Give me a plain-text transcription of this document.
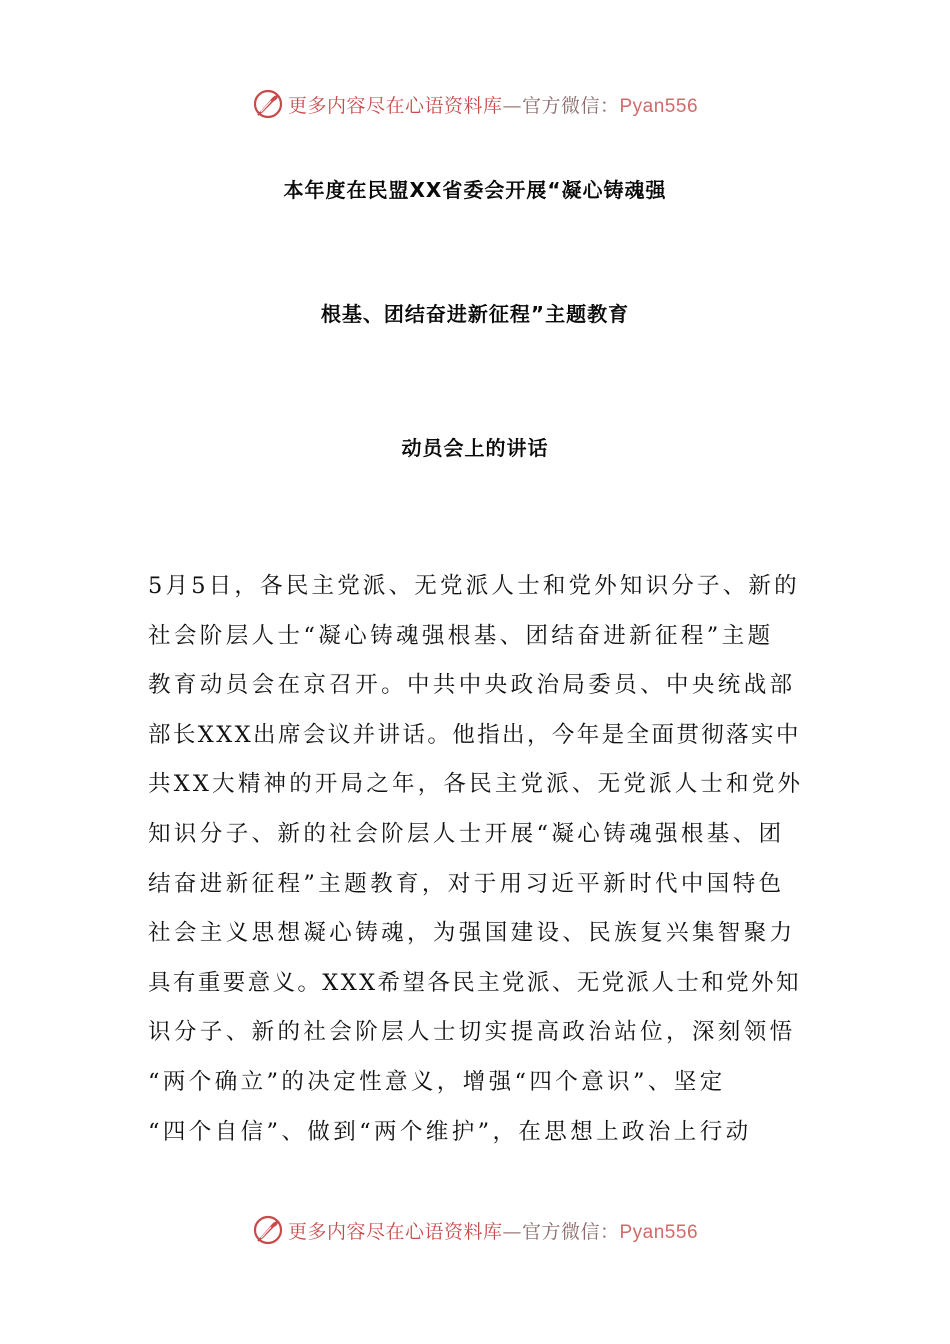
更多内容尽在心语资料库—官方微信：Pyan556
本年度在民盟XX省委会开展“凝心铸魂强
根基、团结奋进新征程”主题教育
动员会上的讲话
5月5日，各民主党派、无党派人士和党外知识分子、新的
社会阶层人士“凝心铸魂强根基、团结奋进新征程”主题
教育动员会在京召开。中共中央政治局委员、中央统战部
部长XXX出席会议并讲话。他指出，今年是全面贯彻落实中
共XX大精神的开局之年，各民主党派、无党派人士和党外
知识分子、新的社会阶层人士开展“凝心铸魂强根基、团
结奋进新征程”主题教育，对于用习近平新时代中国特色
社会主义思想凝心铸魂，为强国建设、民族复兴集智聚力
具有重要意义。XXX希望各民主党派、无党派人士和党外知
识分子、新的社会阶层人士切实提高政治站位，深刻领悟
“两个确立”的决定性意义，增强“四个意识”、坚定
“四个自信”、做到“两个维护”，在思想上政治上行动
更多内容尽在心语资料库—官方微信：Pyan556
